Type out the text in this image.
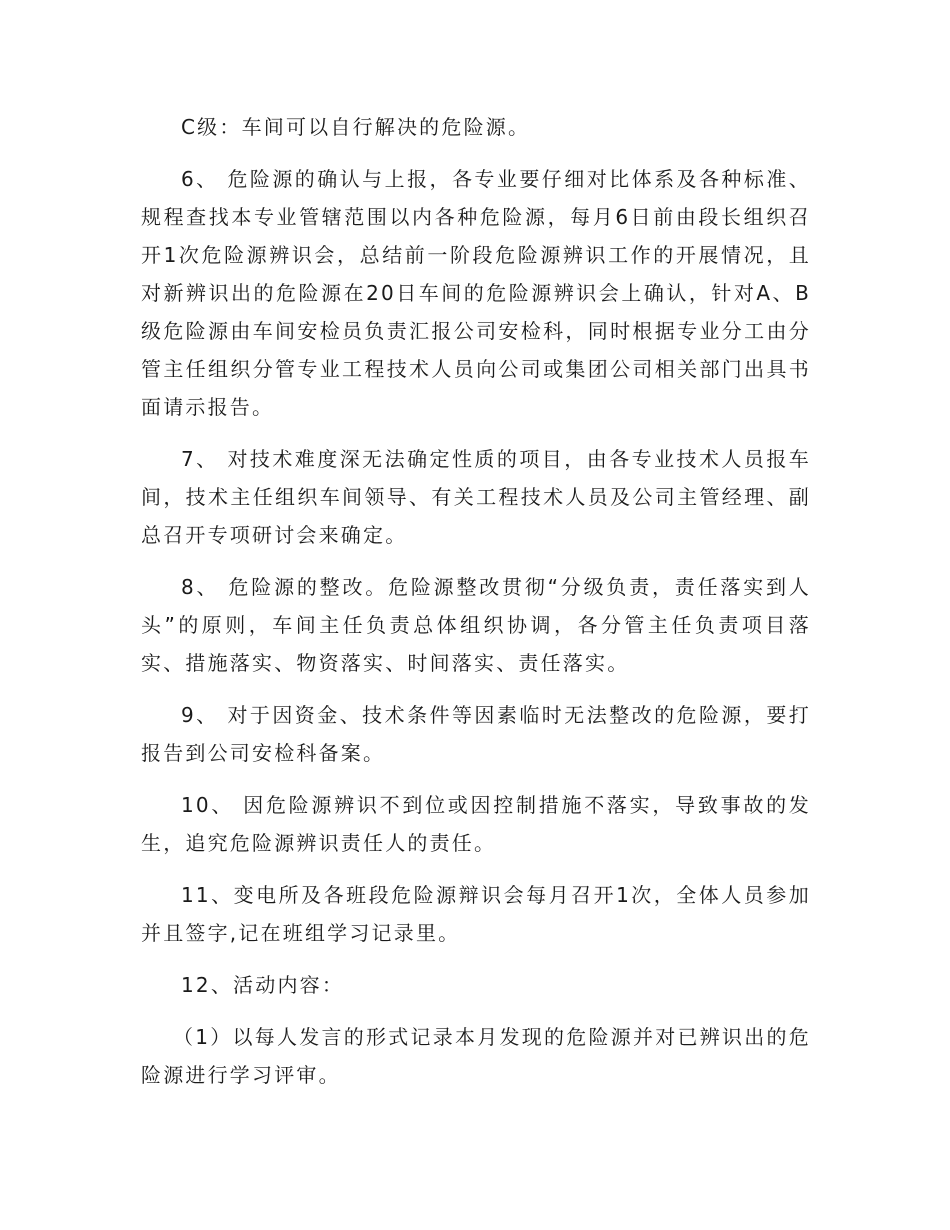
C级：车间可以自行解决的危险源。

6、 危险源的确认与上报，各专业要仔细对比体系及各种标准、规程查找本专业管辖范围以内各种危险源，每月6日前由段长组织召开1次危险源辨识会，总结前一阶段危险源辨识工作的开展情况，且对新辨识出的危险源在20日车间的危险源辨识会上确认，针对A、B级危险源由车间安检员负责汇报公司安检科，同时根据专业分工由分管主任组织分管专业工程技术人员向公司或集团公司相关部门出具书面请示报告。

7、 对技术难度深无法确定性质的项目，由各专业技术人员报车间，技术主任组织车间领导、有关工程技术人员及公司主管经理、副总召开专项研讨会来确定。

8、 危险源的整改。危险源整改贯彻“分级负责，责任落实到人头”的原则，车间主任负责总体组织协调，各分管主任负责项目落实、措施落实、物资落实、时间落实、责任落实。

9、 对于因资金、技术条件等因素临时无法整改的危险源，要打报告到公司安检科备案。

10、 因危险源辨识不到位或因控制措施不落实，导致事故的发生，追究危险源辨识责任人的责任。

11、变电所及各班段危险源辩识会每月召开1次，全体人员参加并且签字,记在班组学习记录里。

12、活动内容：

（1）以每人发言的形式记录本月发现的危险源并对已辨识出的危险源进行学习评审。
